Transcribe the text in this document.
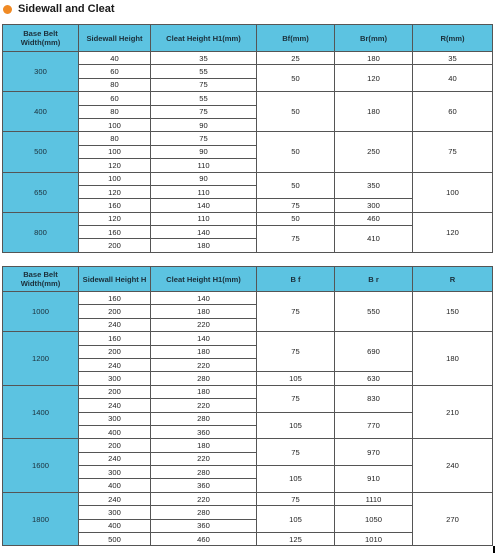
Sidewall and Cleat
Base Belt Width(mm)	Sidewall Height	Cleat Height H1(mm)	Bf(mm)	Br(mm)	R(mm)
300	40	35	25	180	35
	60	55	50	120	40
	80	75			
400	60	55	50	180	60
	80	75			
	100	90			
500	80	75	50	250	75
	100	90			
	120	110			
650	100	90	50	350	100
	120	110			
	160	140	75	300	
800	120	110	50	460	120
	160	140	75	410	
	200	180			
Base Belt Width(mm)	Sidewall Height H	Cleat Height H1(mm)	B f	B r	R
1000	160	140	75	550	150
	200	180			
	240	220			
1200	160	140	75	690	180
	200	180			
	240	220			
	300	280	105	630	
1400	200	180	75	830	210
	240	220			
	300	280	105	770	
	400	360			
1600	200	180	75	970	240
	240	220			
	300	280	105	910	
	400	360			
1800	240	220	75	1110	270
	300	280	105	1050	
	400	360			
	500	460	125	1010	
